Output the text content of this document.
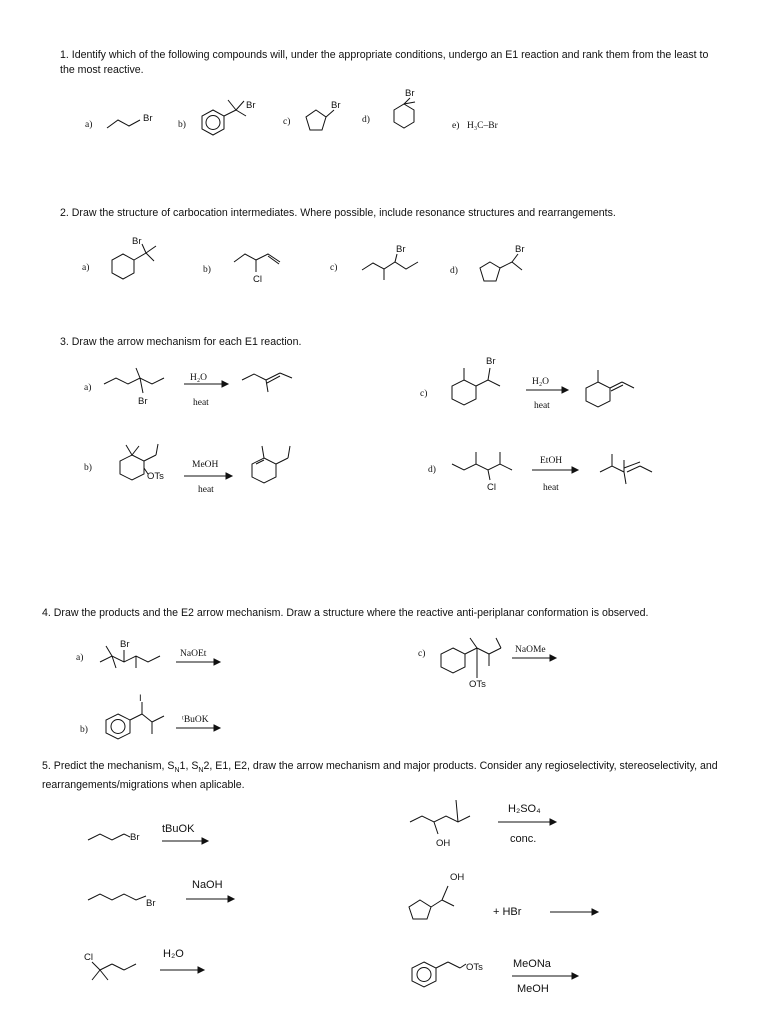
1. Identify which of the following compounds will, under the appropriate conditions, undergo an E1 reaction and rank them from the least to the most reactive.
2. Draw the structure of carbocation intermediates. Where possible, include resonance structures and rearrangements.
3. Draw the arrow mechanism for each E1 reaction.
4. Draw the products and the E2 arrow mechanism. Draw a structure where the reactive anti-periplanar conformation is observed.
5. Predict the mechanism, $S_N1$, $S_N2$, E1, E2, draw the arrow mechanism and major products. Consider any regioselectivity, stereoselectivity, and rearrangements/migrations when aplicable.
a)
Br
b)
Br
c)
Br
d)
Br
e) H₃C–Br
a)
Br
b)
Cl
c)
Br
d)
Br
a)
Br
H₂O
heat
c)
Br
H₂O
heat
b)
OTs
MeOH
heat
d)
Cl
EtOH
heat
a)
Br
NaOEt	c)
OTs
NaOMe
b)
I
ᵗBuOK
Br
tBuOK
Br
NaOH
Cl	H₂O
OH
H₂SO₄
conc.
OH
+ HBr
OTs	MeONa
MeOH
